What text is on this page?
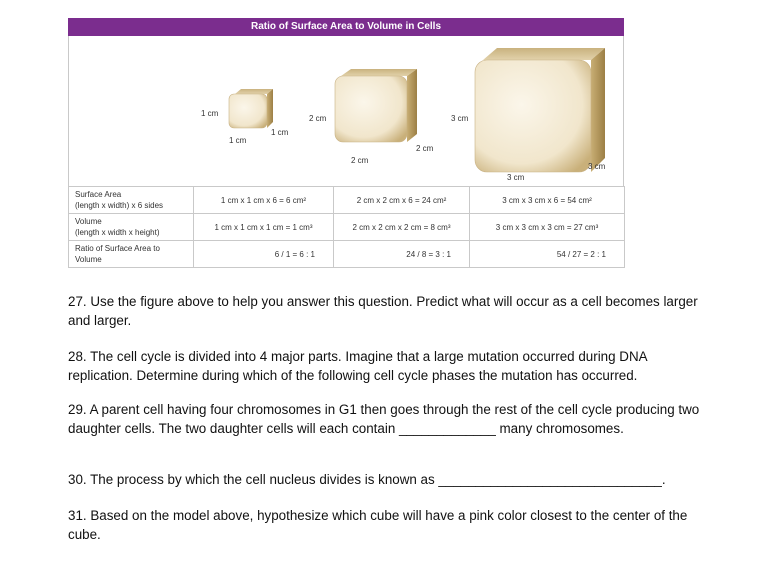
Ratio of Surface Area to Volume in Cells
1 cm
1 cm
1 cm
2 cm
2 cm
2 cm
3 cm
3 cm
3 cm
Surface Area
(length x width) x 6 sides	1 cm x 1 cm x 6 = 6 cm²	2 cm x 2 cm x 6 = 24 cm²	3 cm x 3 cm x 6 = 54 cm²

Volume
(length x width x height)	1 cm x 1 cm x 1 cm = 1 cm³	2 cm x 2 cm x 2 cm = 8 cm³	3 cm x 3 cm x 3 cm = 27 cm³

Ratio of Surface Area to
Volume	6 / 1 = 6 : 1	24 / 8 = 3 : 1	54 / 27 = 2 : 1
27. Use the figure above to help you answer this question. Predict what will occur as a cell becomes larger
and larger.
28. The cell cycle is divided into 4 major parts. Imagine that a large mutation occurred during DNA
replication. Determine during which of the following cell cycle phases the mutation has occurred.
29. A parent cell having four chromosomes in G1 then goes through the rest of the cell cycle producing two
daughter cells. The two daughter cells will each contain _____________ many chromosomes.
30. The process by which the cell nucleus divides is known as ______________________________.
31. Based on the model above, hypothesize which cube will have a pink color closest to the center of the
cube.
